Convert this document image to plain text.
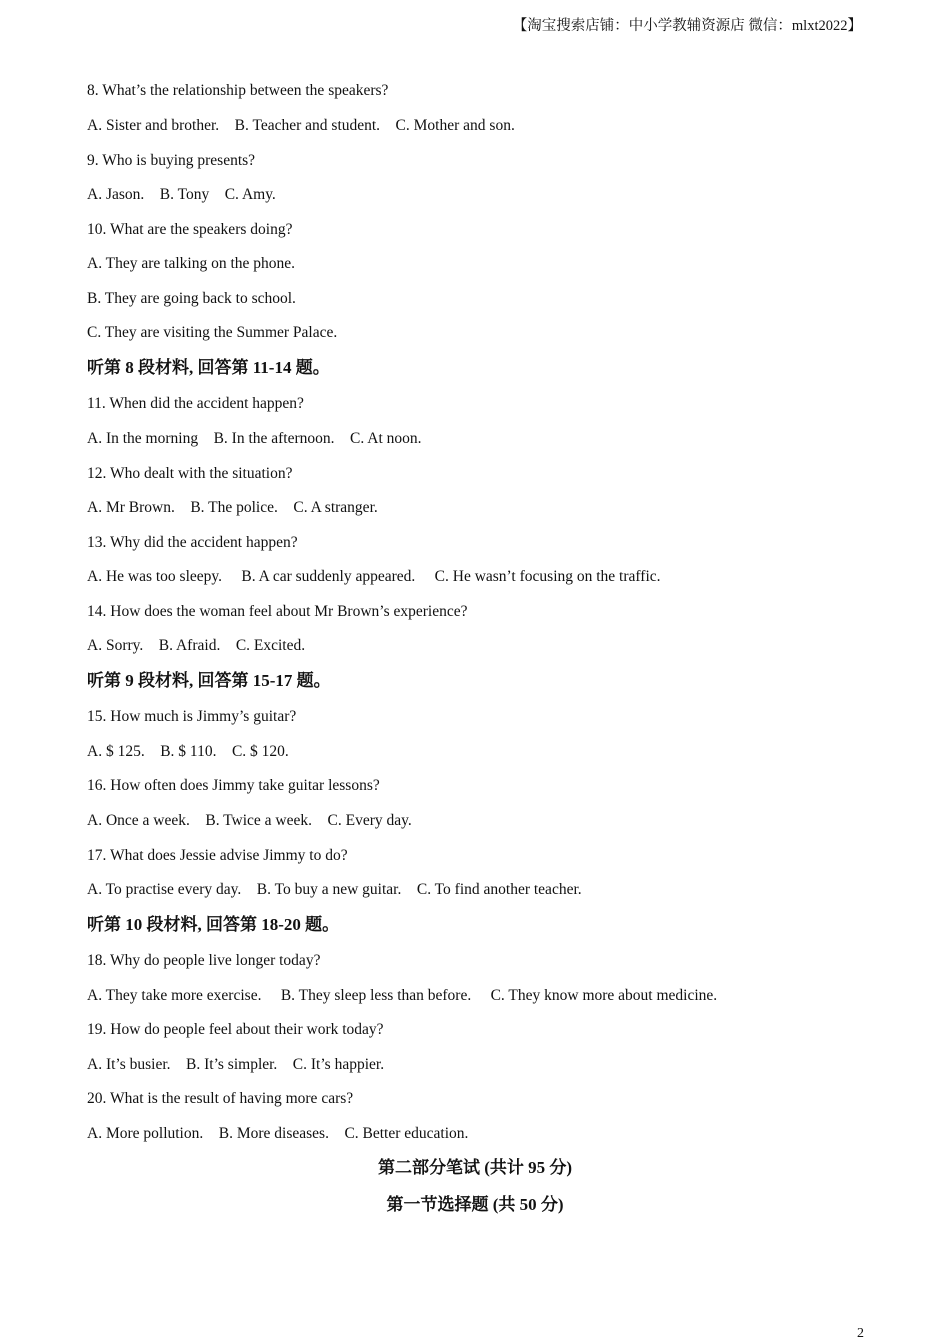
【淘宝搜索店铺：中小学教辅资源店 微信：mlxt2022】
8. What’s the relationship between the speakers?
A. Sister and brother.    B. Teacher and student.    C. Mother and son.
9. Who is buying presents?
A. Jason.    B. Tony    C. Amy.
10. What are the speakers doing?
A. They are talking on the phone.
B. They are going back to school.
C. They are visiting the Summer Palace.
听第 8 段材料, 回答第 11-14 题。
11. When did the accident happen?
A. In the morning    B. In the afternoon.    C. At noon.
12. Who dealt with the situation?
A. Mr Brown.    B. The police.    C. A stranger.
13. Why did the accident happen?
A. He was too sleepy.     B. A car suddenly appeared.     C. He wasn’t focusing on the traffic.
14. How does the woman feel about Mr Brown’s experience?
A. Sorry.    B. Afraid.    C. Excited.
听第 9 段材料, 回答第 15-17 题。
15. How much is Jimmy’s guitar?
A. $ 125.    B. $ 110.    C. $ 120.
16. How often does Jimmy take guitar lessons?
A. Once a week.    B. Twice a week.    C. Every day.
17. What does Jessie advise Jimmy to do?
A. To practise every day.    B. To buy a new guitar.    C. To find another teacher.
听第 10 段材料, 回答第 18-20 题。
18. Why do people live longer today?
A. They take more exercise.     B. They sleep less than before.     C. They know more about medicine.
19. How do people feel about their work today?
A. It’s busier.    B. It’s simpler.    C. It’s happier.
20. What is the result of having more cars?
A. More pollution.    B. More diseases.    C. Better education.
第二部分笔试 (共计 95 分)
第一节选择题 (共 50 分)
2
